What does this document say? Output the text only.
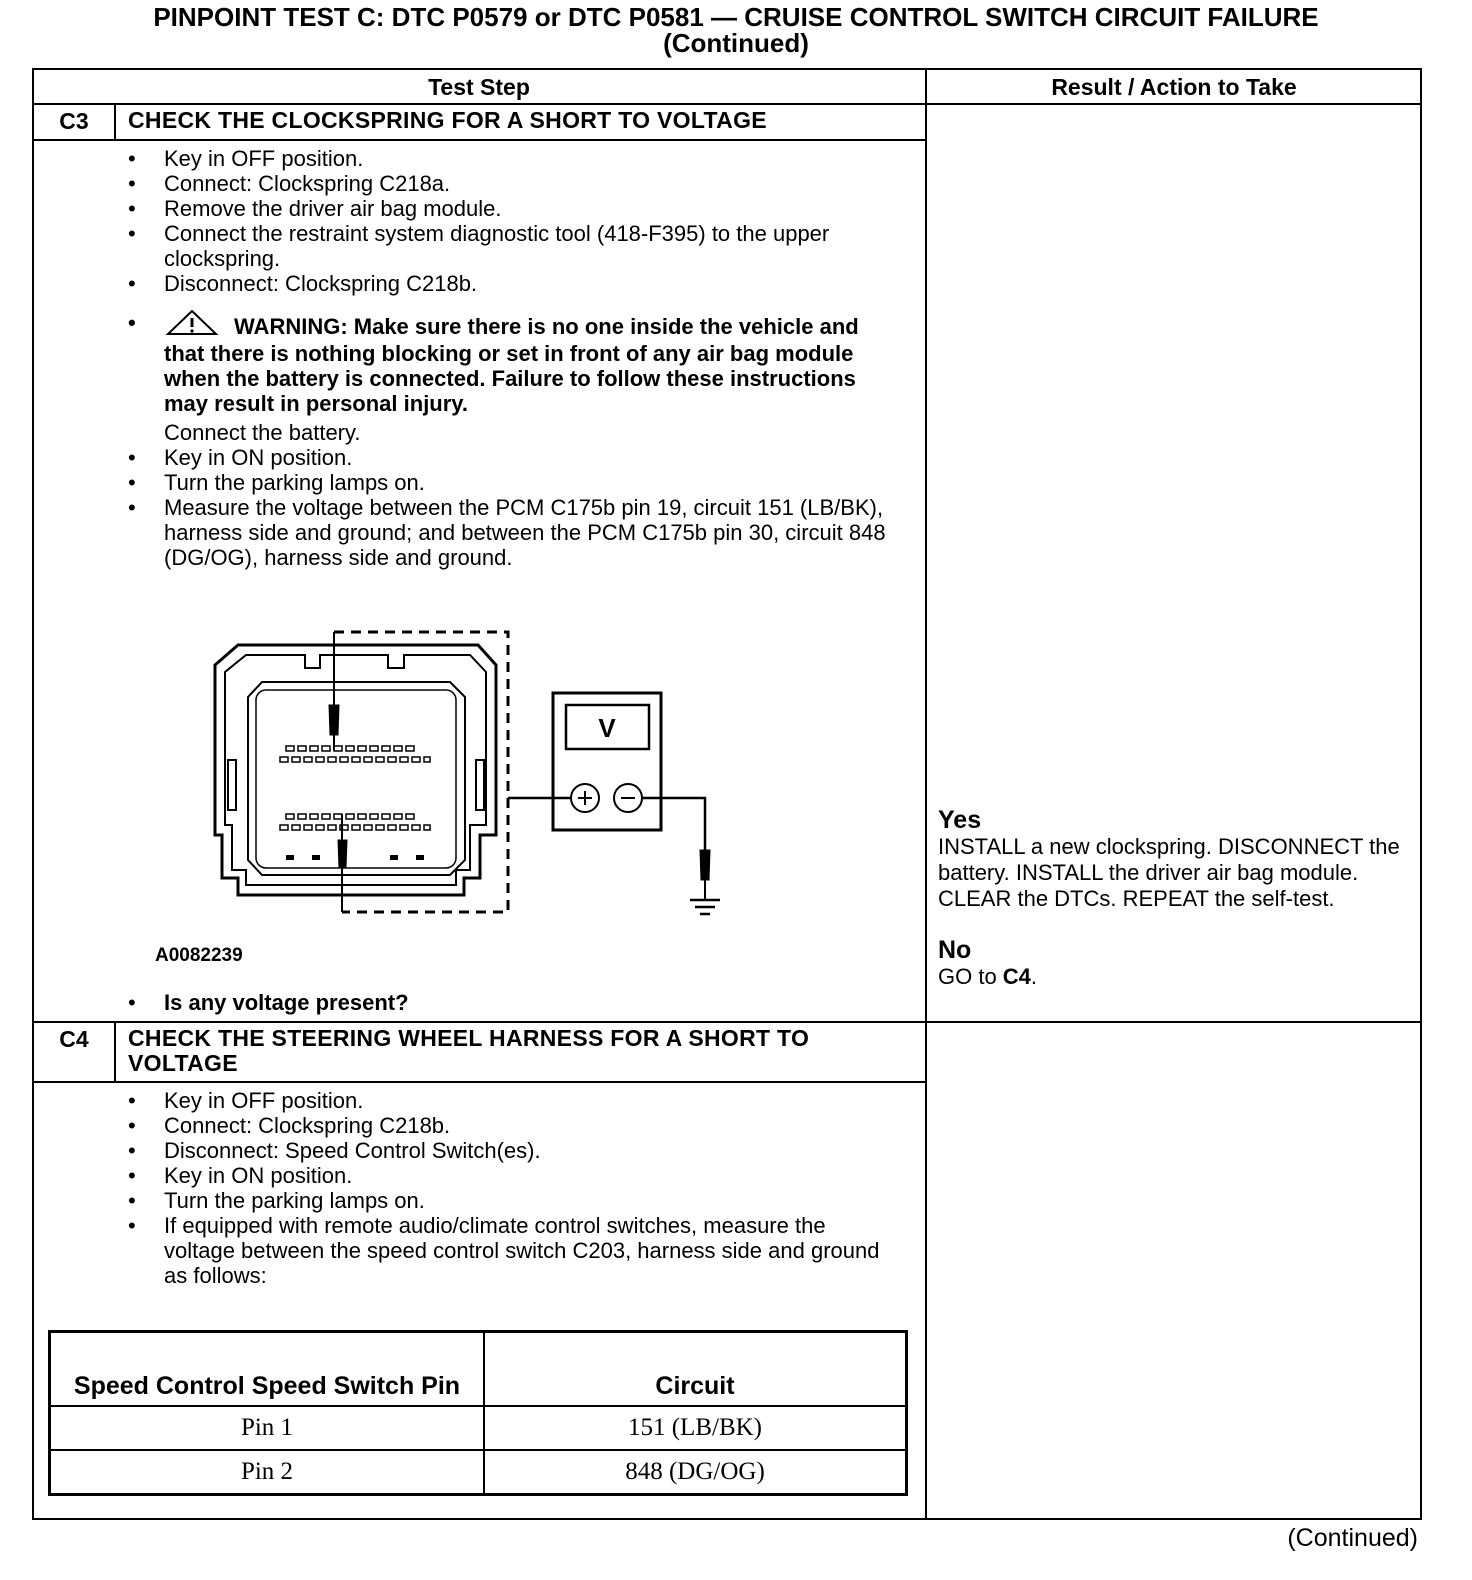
PINPOINT TEST C: DTC P0579 or DTC P0581 — CRUISE CONTROL SWITCH CIRCUIT FAILURE
(Continued)
Test Step	Result / Action to Take
C3	CHECK THE CLOCKSPRING FOR A SHORT TO VOLTAGE
• Key in OFF position.
• Connect: Clockspring C218a.
• Remove the driver air bag module.
• Connect the restraint system diagnostic tool (418-F395) to the upper clockspring.
• Disconnect: Clockspring C218b.
• WARNING: Make sure there is no one inside the vehicle and that there is nothing blocking or set in front of any air bag module when the battery is connected. Failure to follow these instructions may result in personal injury.
Connect the battery.
• Key in ON position.
• Turn the parking lamps on.
• Measure the voltage between the PCM C175b pin 19, circuit 151 (LB/BK), harness side and ground; and between the PCM C175b pin 30, circuit 848 (DG/OG), harness side and ground.
V
A0082239
• Is any voltage present?
Yes
INSTALL a new clockspring. DISCONNECT the battery. INSTALL the driver air bag module. CLEAR the DTCs. REPEAT the self-test.
No
GO to C4.
C4	CHECK THE STEERING WHEEL HARNESS FOR A SHORT TO VOLTAGE
• Key in OFF position.
• Connect: Clockspring C218b.
• Disconnect: Speed Control Switch(es).
• Key in ON position.
• Turn the parking lamps on.
• If equipped with remote audio/climate control switches, measure the voltage between the speed control switch C203, harness side and ground as follows:
Speed Control Speed Switch Pin	Circuit
Pin 1	151 (LB/BK)
Pin 2	848 (DG/OG)
(Continued)
